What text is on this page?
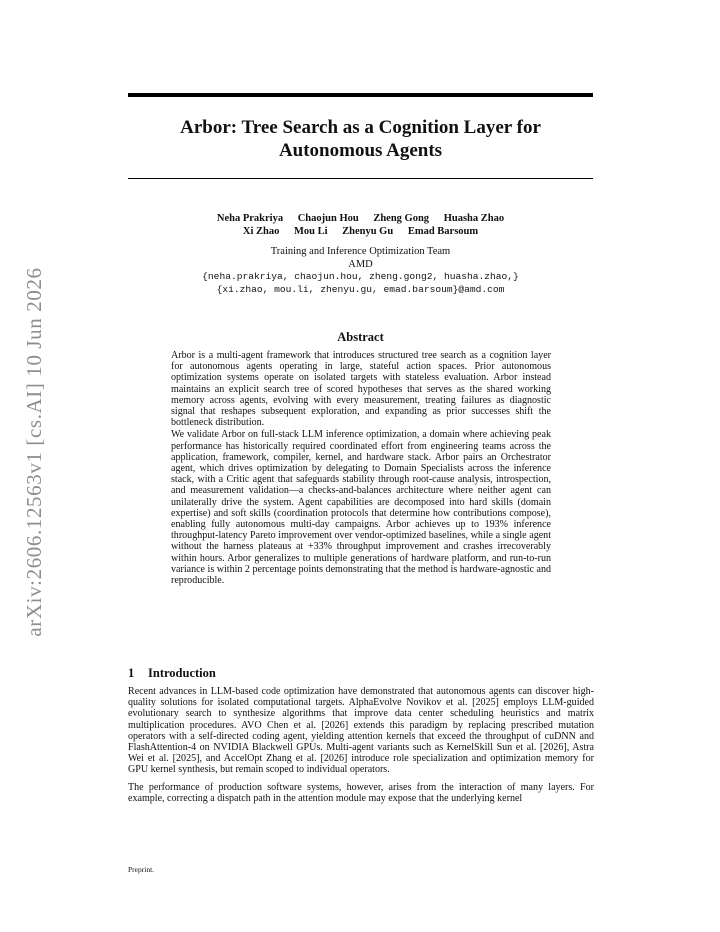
arXiv:2606.12563v1 [cs.AI] 10 Jun 2026
Arbor: Tree Search as a Cognition Layer for Autonomous Agents
Neha Prakriya Chaojun Hou Zheng Gong Huasha Zhao
Xi Zhao Mou Li Zhenyu Gu Emad Barsoum
Training and Inference Optimization Team
AMD
{neha.prakriya, chaojun.hou, zheng.gong2, huasha.zhao,}
{xi.zhao, mou.li, zhenyu.gu, emad.barsoum}@amd.com
Abstract

Arbor is a multi-agent framework that introduces structured tree search as a cognition layer for autonomous agents operating in large, stateful action spaces. Prior autonomous optimization systems operate on isolated targets with stateless evaluation. Arbor instead maintains an explicit search tree of scored hypotheses that serves as the shared working memory across agents, evolving with every measurement, treating failures as diagnostic signal that reshapes subsequent exploration, and expanding as prior successes shift the bottleneck distribution.

We validate Arbor on full-stack LLM inference optimization, a domain where achieving peak performance has historically required coordinated effort from engineering teams across the application, framework, compiler, kernel, and hardware stack. Arbor pairs an Orchestrator agent, which drives optimization by delegating to Domain Specialists across the inference stack, with a Critic agent that safeguards stability through root-cause analysis, introspection, and measurement validation—a checks-and-balances architecture where neither agent can unilaterally drive the system. Agent capabilities are decomposed into hard skills (domain expertise) and soft skills (coordination protocols that determine how contributions compose), enabling fully autonomous multi-day campaigns. Arbor achieves up to 193% inference throughput-latency Pareto improvement over vendor-optimized baselines, while a single agent without the harness plateaus at +33% throughput improvement and crashes irrecoverably within hours. Arbor generalizes to multiple generations of hardware platform, and run-to-run variance is within 2 percentage points demonstrating that the method is hardware-agnostic and reproducible.

1 Introduction

Recent advances in LLM-based code optimization have demonstrated that autonomous agents can discover high-quality solutions for isolated computational targets. AlphaEvolve Novikov et al. [2025] employs LLM-guided evolutionary search to synthesize algorithms that improve data center scheduling heuristics and matrix multiplication procedures. AVO Chen et al. [2026] extends this paradigm by replacing prescribed mutation operators with a self-directed coding agent, yielding attention kernels that exceed the throughput of cuDNN and FlashAttention-4 on NVIDIA Blackwell GPUs. Multi-agent variants such as KernelSkill Sun et al. [2026], Astra Wei et al. [2025], and AccelOpt Zhang et al. [2026] introduce role specialization and optimization memory for GPU kernel synthesis, but remain scoped to individual operators.

The performance of production software systems, however, arises from the interaction of many layers. For example, correcting a dispatch path in the attention module may expose that the underlying kernel

Preprint.
